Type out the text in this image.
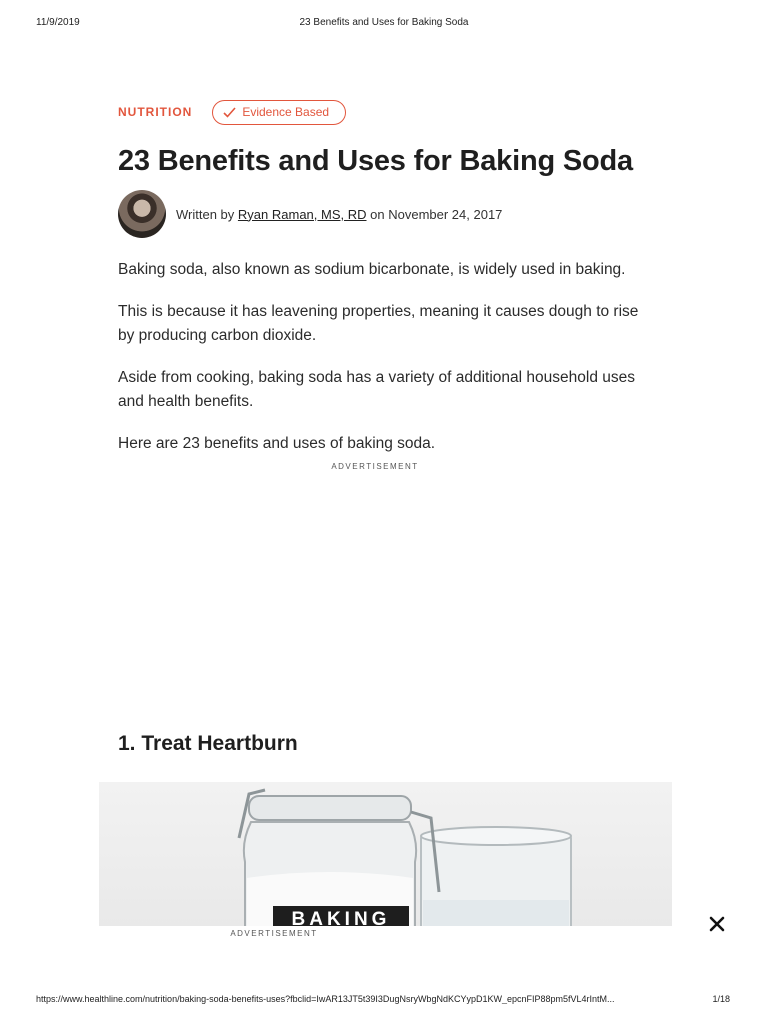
11/9/2019	23 Benefits and Uses for Baking Soda
NUTRITION	Evidence Based
23 Benefits and Uses for Baking Soda
Written by Ryan Raman, MS, RD on November 24, 2017

Baking soda, also known as sodium bicarbonate, is widely used in baking.

This is because it has leavening properties, meaning it causes dough to rise by producing carbon dioxide.

Aside from cooking, baking soda has a variety of additional household uses and health benefits.

Here are 23 benefits and uses of baking soda.

ADVERTISEMENT
1. Treat Heartburn
BAKING
ADVERTISEMENT
https://www.healthline.com/nutrition/baking-soda-benefits-uses?fbclid=IwAR13JT5t39I3DugNsryWbgNdKCYypD1KW_epcnFIP88pm5fVL4rIntM...	1/18
